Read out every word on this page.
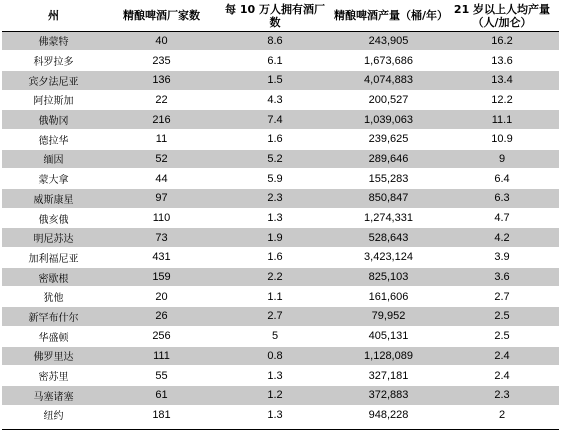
州	精酿啤酒厂家数	每 10 万人拥有酒厂数	精酿啤酒产量（桶/年）	21 岁以上人均产量（人/加仑）
佛蒙特	40	8.6	243,905	16.2
科罗拉多	235	6.1	1,673,686	13.6
宾夕法尼亚	136	1.5	4,074,883	13.4
阿拉斯加	22	4.3	200,527	12.2
俄勒冈	216	7.4	1,039,063	11.1
德拉华	11	1.6	239,625	10.9
缅因	52	5.2	289,646	9
蒙大拿	44	5.9	155,283	6.4
威斯康星	97	2.3	850,847	6.3
俄亥俄	110	1.3	1,274,331	4.7
明尼苏达	73	1.9	528,643	4.2
加利福尼亚	431	1.6	3,423,124	3.9
密歇根	159	2.2	825,103	3.6
犹他	20	1.1	161,606	2.7
新罕布什尔	26	2.7	79,952	2.5
华盛顿	256	5	405,131	2.5
佛罗里达	111	0.8	1,128,089	2.4
密苏里	55	1.3	327,181	2.4
马塞诸塞	61	1.2	372,883	2.3
纽约	181	1.3	948,228	2
